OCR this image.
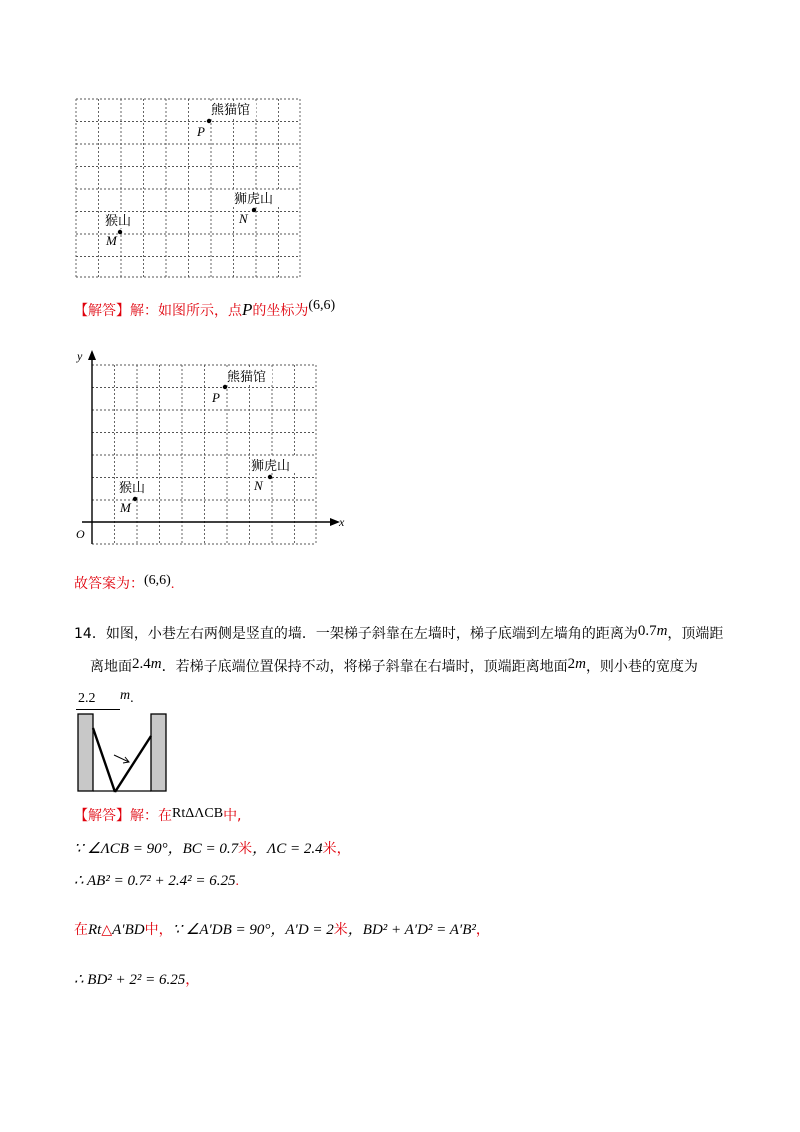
熊猫馆
P
狮虎山
N
猴山
M
【解答】解：如图所示，点P的坐标为(6,6)
y
x
O
熊猫馆
P
狮虎山
N
猴山
M
故答案为：(6,6).
14．如图，小巷左右两侧是竖直的墙．一架梯子斜靠在左墙时，梯子底端到左墙角的距离为0.7m，顶端距
离地面2.4m．若梯子底端位置保持不动，将梯子斜靠在右墙时，顶端距离地面2m，则小巷的宽度为
2.2 m.
【解答】解：在RtΔΛCB中,
∵ ∠ΛCB = 90°，BC = 0.7米，ΛC = 2.4米，
∴ AB² = 0.7² + 2.4² = 6.25.
在Rt△A′BD中，∵ ∠A′DB = 90°，A′D = 2米，BD² + A′D² = A′B²，
∴ BD² + 2² = 6.25，
